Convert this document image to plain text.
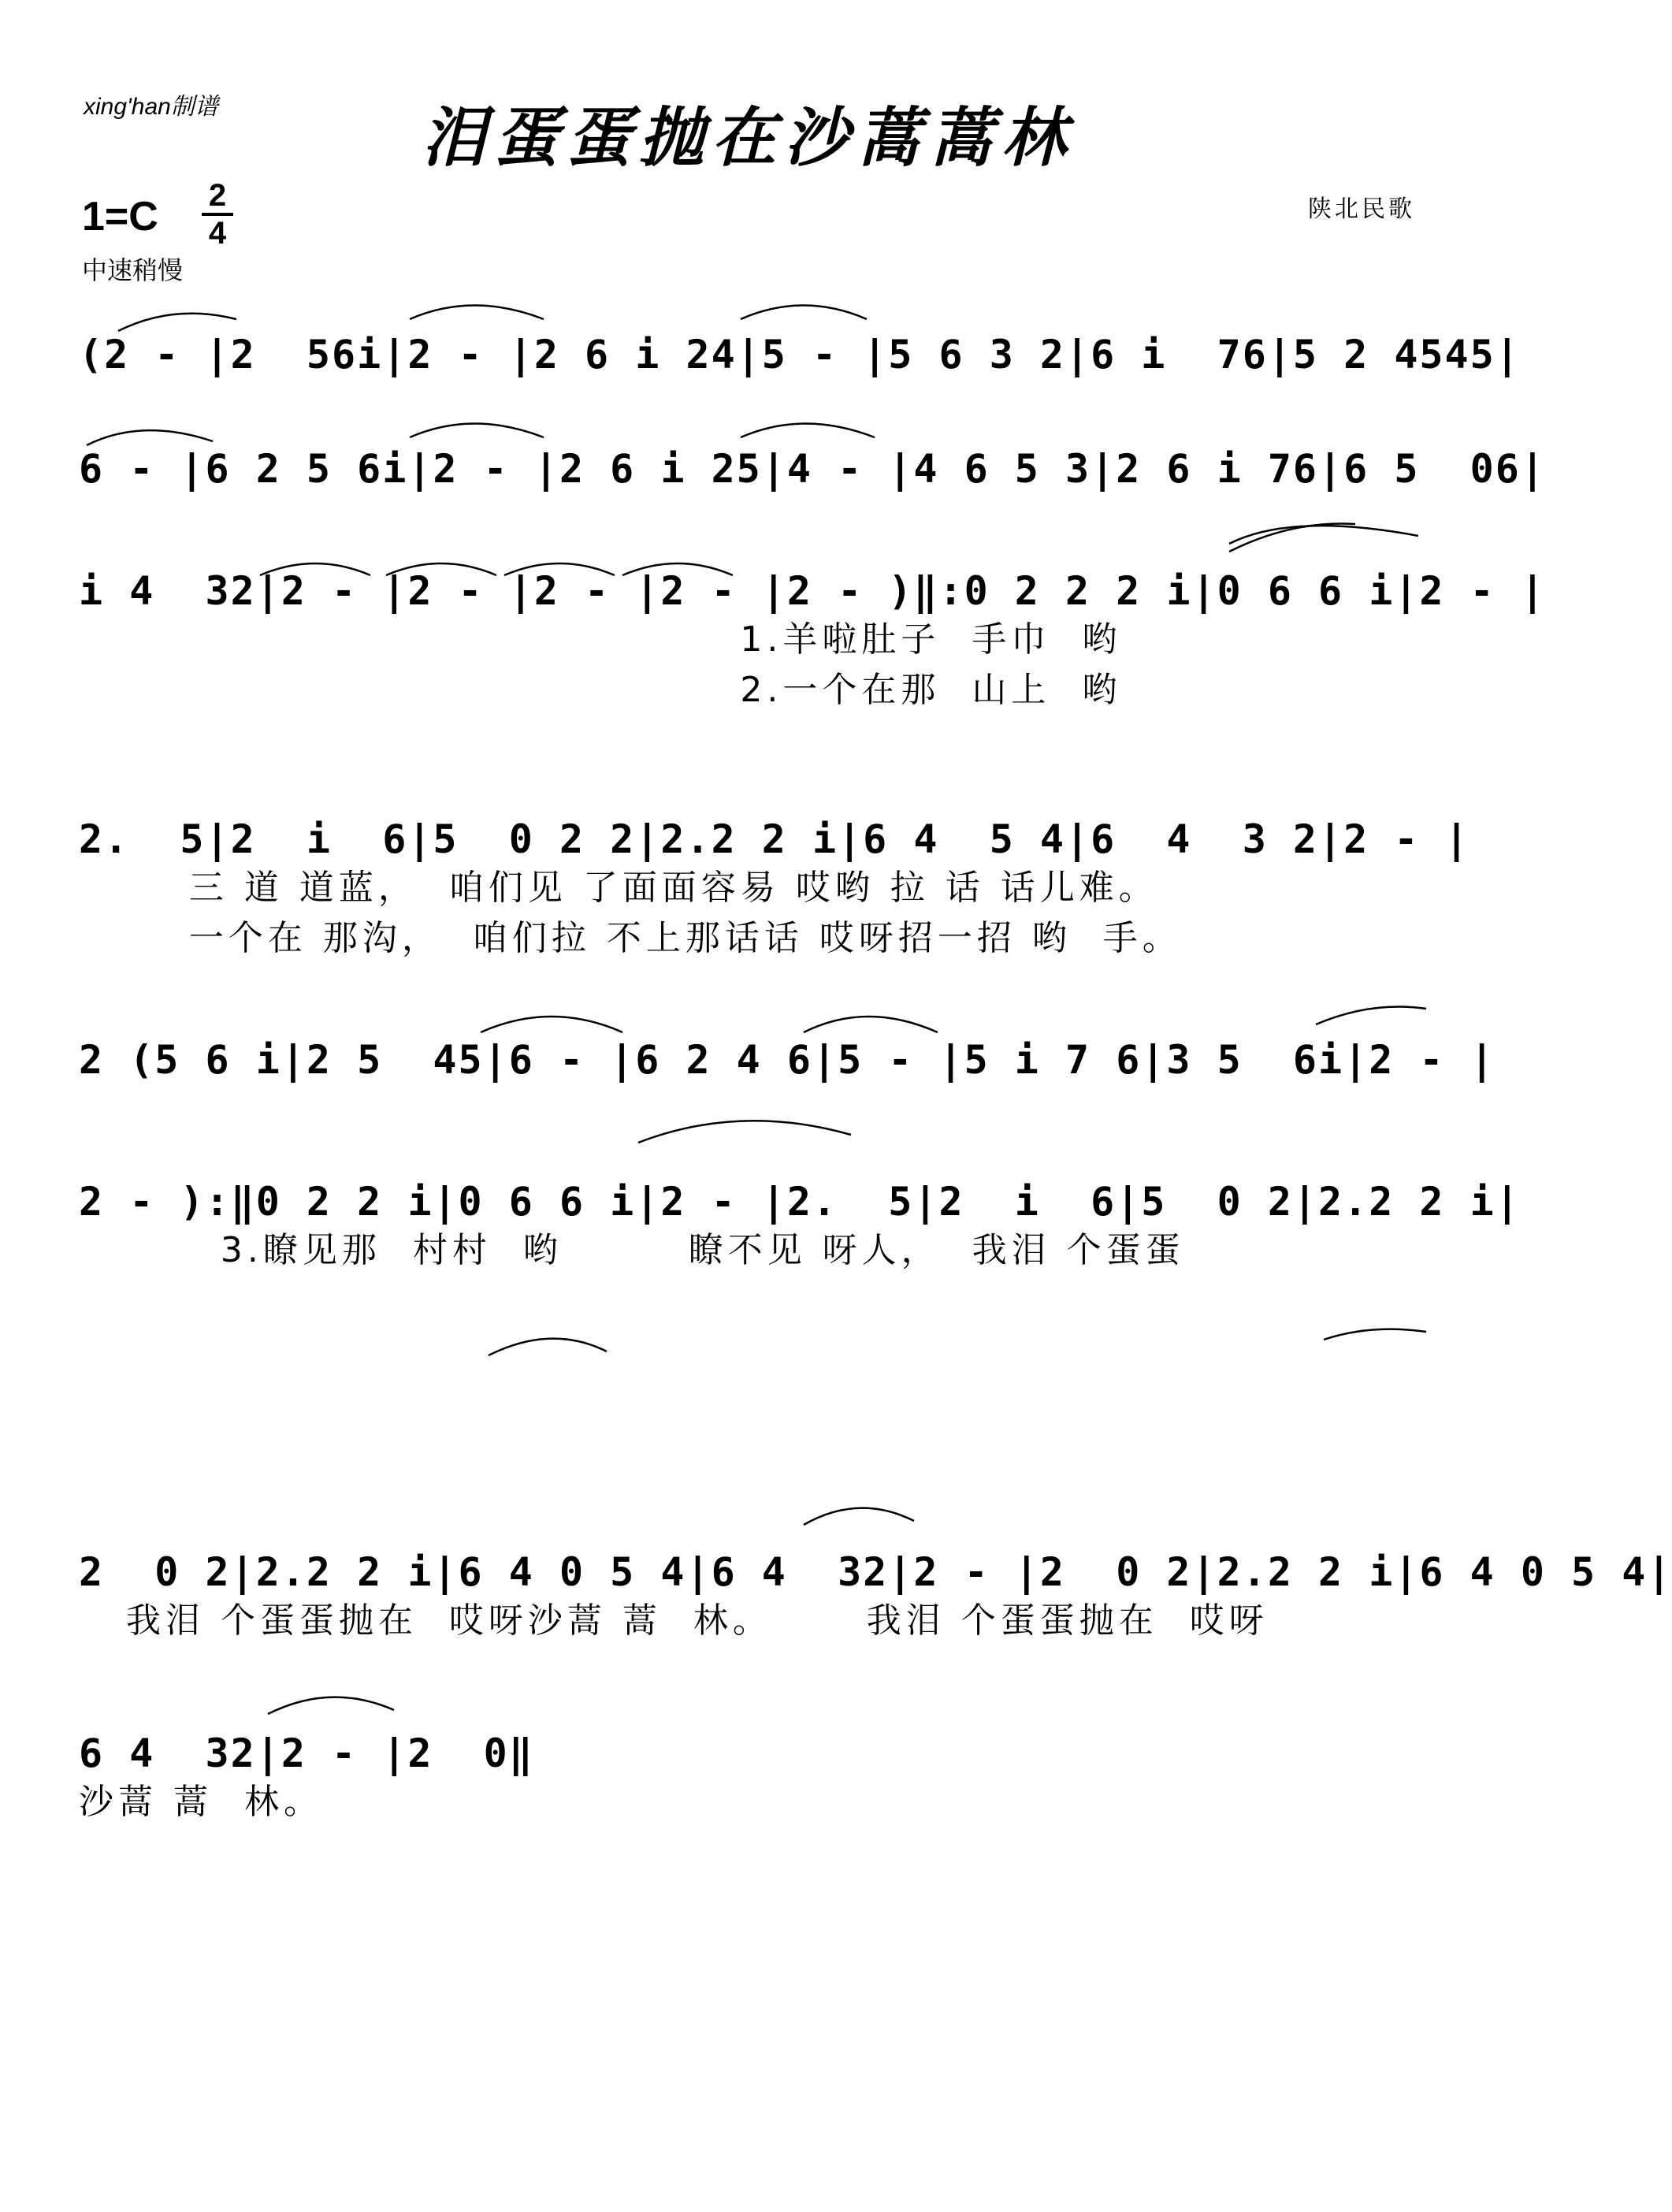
xing'han制谱	泪蛋蛋抛在沙蒿蒿林
1=C 2
4
中速稍慢
陕北民歌
(2 - |2  56i|2 - |2 6 i 24|5 - |5 6 3 2|6 i  76|5 2 4545|
6 - |6 2 5 6i|2 - |2 6 i 25|4 - |4 6 5 3|2 6 i 76|6 5  06|
i 4  32|2 - |2 - |2 - |2 - |2 - )‖:0 2 2 2 i|0 6 6 i|2 - |
1.羊啦肚子  手巾  哟
2.一个在那  山上  哟
2.  5|2  i  6|5  0 2 2|2.2 2 i|6 4  5 4|6  4  3 2|2 - |
三 道 道蓝，  咱们见 了面面容易 哎哟 拉 话 话儿难。
一个在 那沟，  咱们拉 不上那话话 哎呀招一招 哟  手。
2 (5 6 i|2 5  45|6 - |6 2 4 6|5 - |5 i 7 6|3 5  6i|2 - |
2 - ):‖0 2 2 i|0 6 6 i|2 - |2.  5|2  i  6|5  0 2|2.2 2 i|
3.瞭见那  村村  哟        瞭不见 呀人，  我泪 个蛋蛋
2  0 2|2.2 2 i|6 4 0 5 4|6 4  32|2 - |2  0 2|2.2 2 i|6 4 0 5 4|
我泪 个蛋蛋抛在  哎呀沙蒿 蒿  林。      我泪 个蛋蛋抛在  哎呀
6 4  32|2 - |2  0‖
沙蒿 蒿  林。
